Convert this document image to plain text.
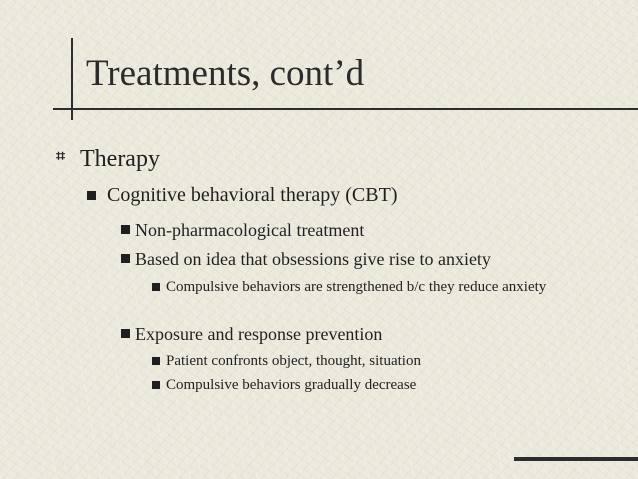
Treatments, cont’d
⌗ Therapy
Cognitive behavioral therapy (CBT)
Non-pharmacological treatment
Based on idea that obsessions give rise to anxiety
Compulsive behaviors are strengthened b/c they reduce anxiety
Exposure and response prevention
Patient confronts object, thought, situation
Compulsive behaviors gradually decrease
